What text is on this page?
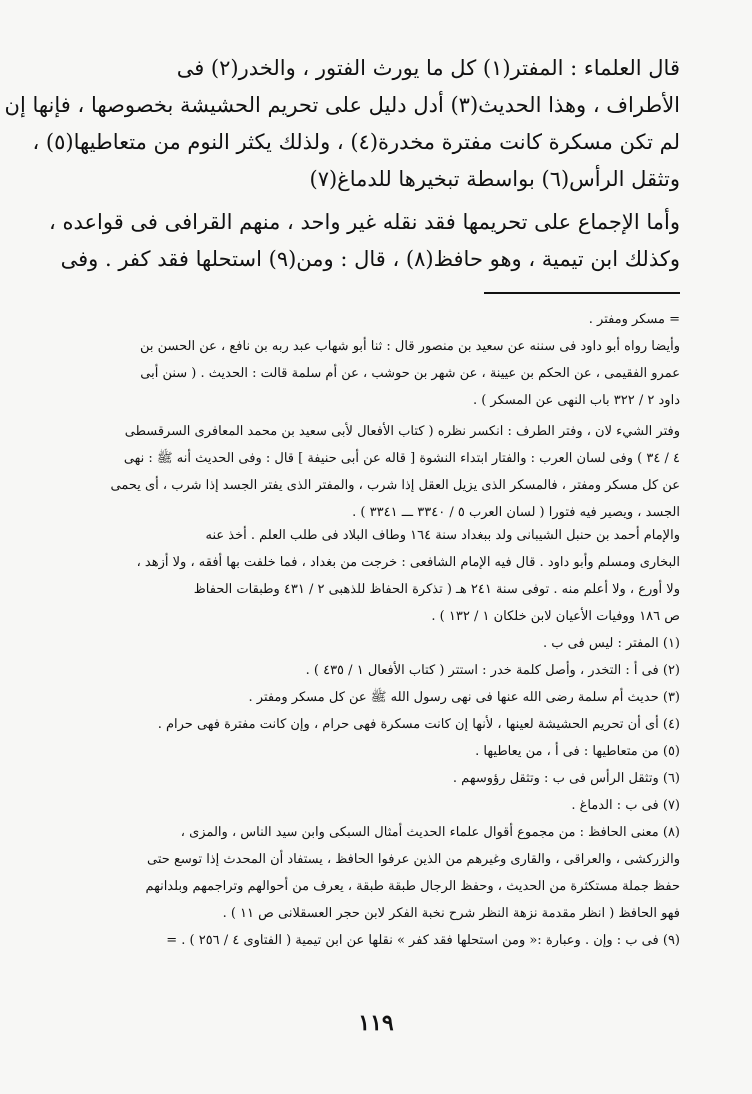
قال العلماء : المفتر(١) كل ما يورث الفتور ، والخدر(٢) فى
الأطراف ، وهذا الحديث(٣) أدل دليل على تحريم الحشيشة بخصوصها ، فإنها إن
لم تكن مسكرة كانت مفترة مخدرة(٤) ، ولذلك يكثر النوم من متعاطيها(٥) ،
وتثقل الرأس(٦) بواسطة تبخيرها للدماغ(٧)
وأما الإجماع على تحريمها فقد نقله غير واحد ، منهم القرافى فى قواعده ،
وكذلك ابن تيمية ، وهو حافظ(٨) ، قال : ومن(٩) استحلها فقد كفر . وفى
= مسكر ومفتر .
وأيضا رواه أبو داود فى سننه عن سعيد بن منصور قال : ثنا أبو شهاب عبد ربه بن نافع ، عن الحسن بن
عمرو الفقيمى ، عن الحكم بن عيينة ، عن شهر بن حوشب ، عن أم سلمة قالت : الحديث . ( سنن أبى
داود ٢ / ٣٢٢ باب النهى عن المسكر ) .
وفتر الشيء لان ، وفتر الطرف : انكسر نظره ( كتاب الأفعال لأبى سعيد بن محمد المعافرى السرقسطى
٤ / ٣٤ ) وفى لسان العرب : والفتار ابتداء النشوة [ قاله عن أبى حنيفة ] قال : وفى الحديث أنه ﷺ : نهى
عن كل مسكر ومفتر ، فالمسكر الذى يزيل العقل إذا شرب ، والمفتر الذى يفتر الجسد إذا شرب ، أى يحمى
الجسد ، ويصير فيه فتورا ( لسان العرب ٥ / ٣٣٤٠ ـــ ٣٣٤١ ) .
والإمام أحمد بن حنبل الشيبانى ولد ببغداد سنة ١٦٤ وطاف البلاد فى طلب العلم . أخذ عنه
البخارى ومسلم وأبو داود . قال فيه الإمام الشافعى : خرجت من بغداد ، فما خلفت بها أفقه ، ولا أزهد ،
ولا أورع ، ولا أعلم منه . توفى سنة ٢٤١ هـ ( تذكرة الحفاظ للذهبى ٢ / ٤٣١ وطبقات الحفاظ
ص ١٨٦ ووفيات الأعيان لابن خلكان ١ / ١٣٢ ) .
(١) المفتر : ليس فى ب .
(٢) فى أ : التخدر ، وأصل كلمة خدر : استتر ( كتاب الأفعال ١ / ٤٣٥ ) .
(٣) حديث أم سلمة رضى الله عنها فى نهى رسول الله ﷺ عن كل مسكر ومفتر .
(٤) أى أن تحريم الحشيشة لعينها ، لأنها إن كانت مسكرة فهى حرام ، وإن كانت مفترة فهى حرام .
(٥) من متعاطيها : فى أ ، من يعاطيها .
(٦) وتثقل الرأس فى ب : وتثقل رؤوسهم .
(٧) فى ب : الدماغ .
(٨) معنى الحافظ : من مجموع أقوال علماء الحديث أمثال السبكى وابن سيد الناس ، والمزى ،
والزركشى ، والعراقى ، والقارى وغيرهم من الذين عرفوا الحافظ ، يستفاد أن المحدث إذا توسع حتى
حفظ جملة مستكثرة من الحديث ، وحفظ الرجال طبقة طبقة ، يعرف من أحوالهم وتراجمهم وبلدانهم
فهو الحافظ ( انظر مقدمة نزهة النظر شرح نخبة الفكر لابن حجر العسقلانى ص ١١ ) .
(٩) فى ب : وإن . وعبارة :« ومن استحلها فقد كفر » نقلها عن ابن تيمية ( الفتاوى ٤ / ٢٥٦ ) . =
١١٩
